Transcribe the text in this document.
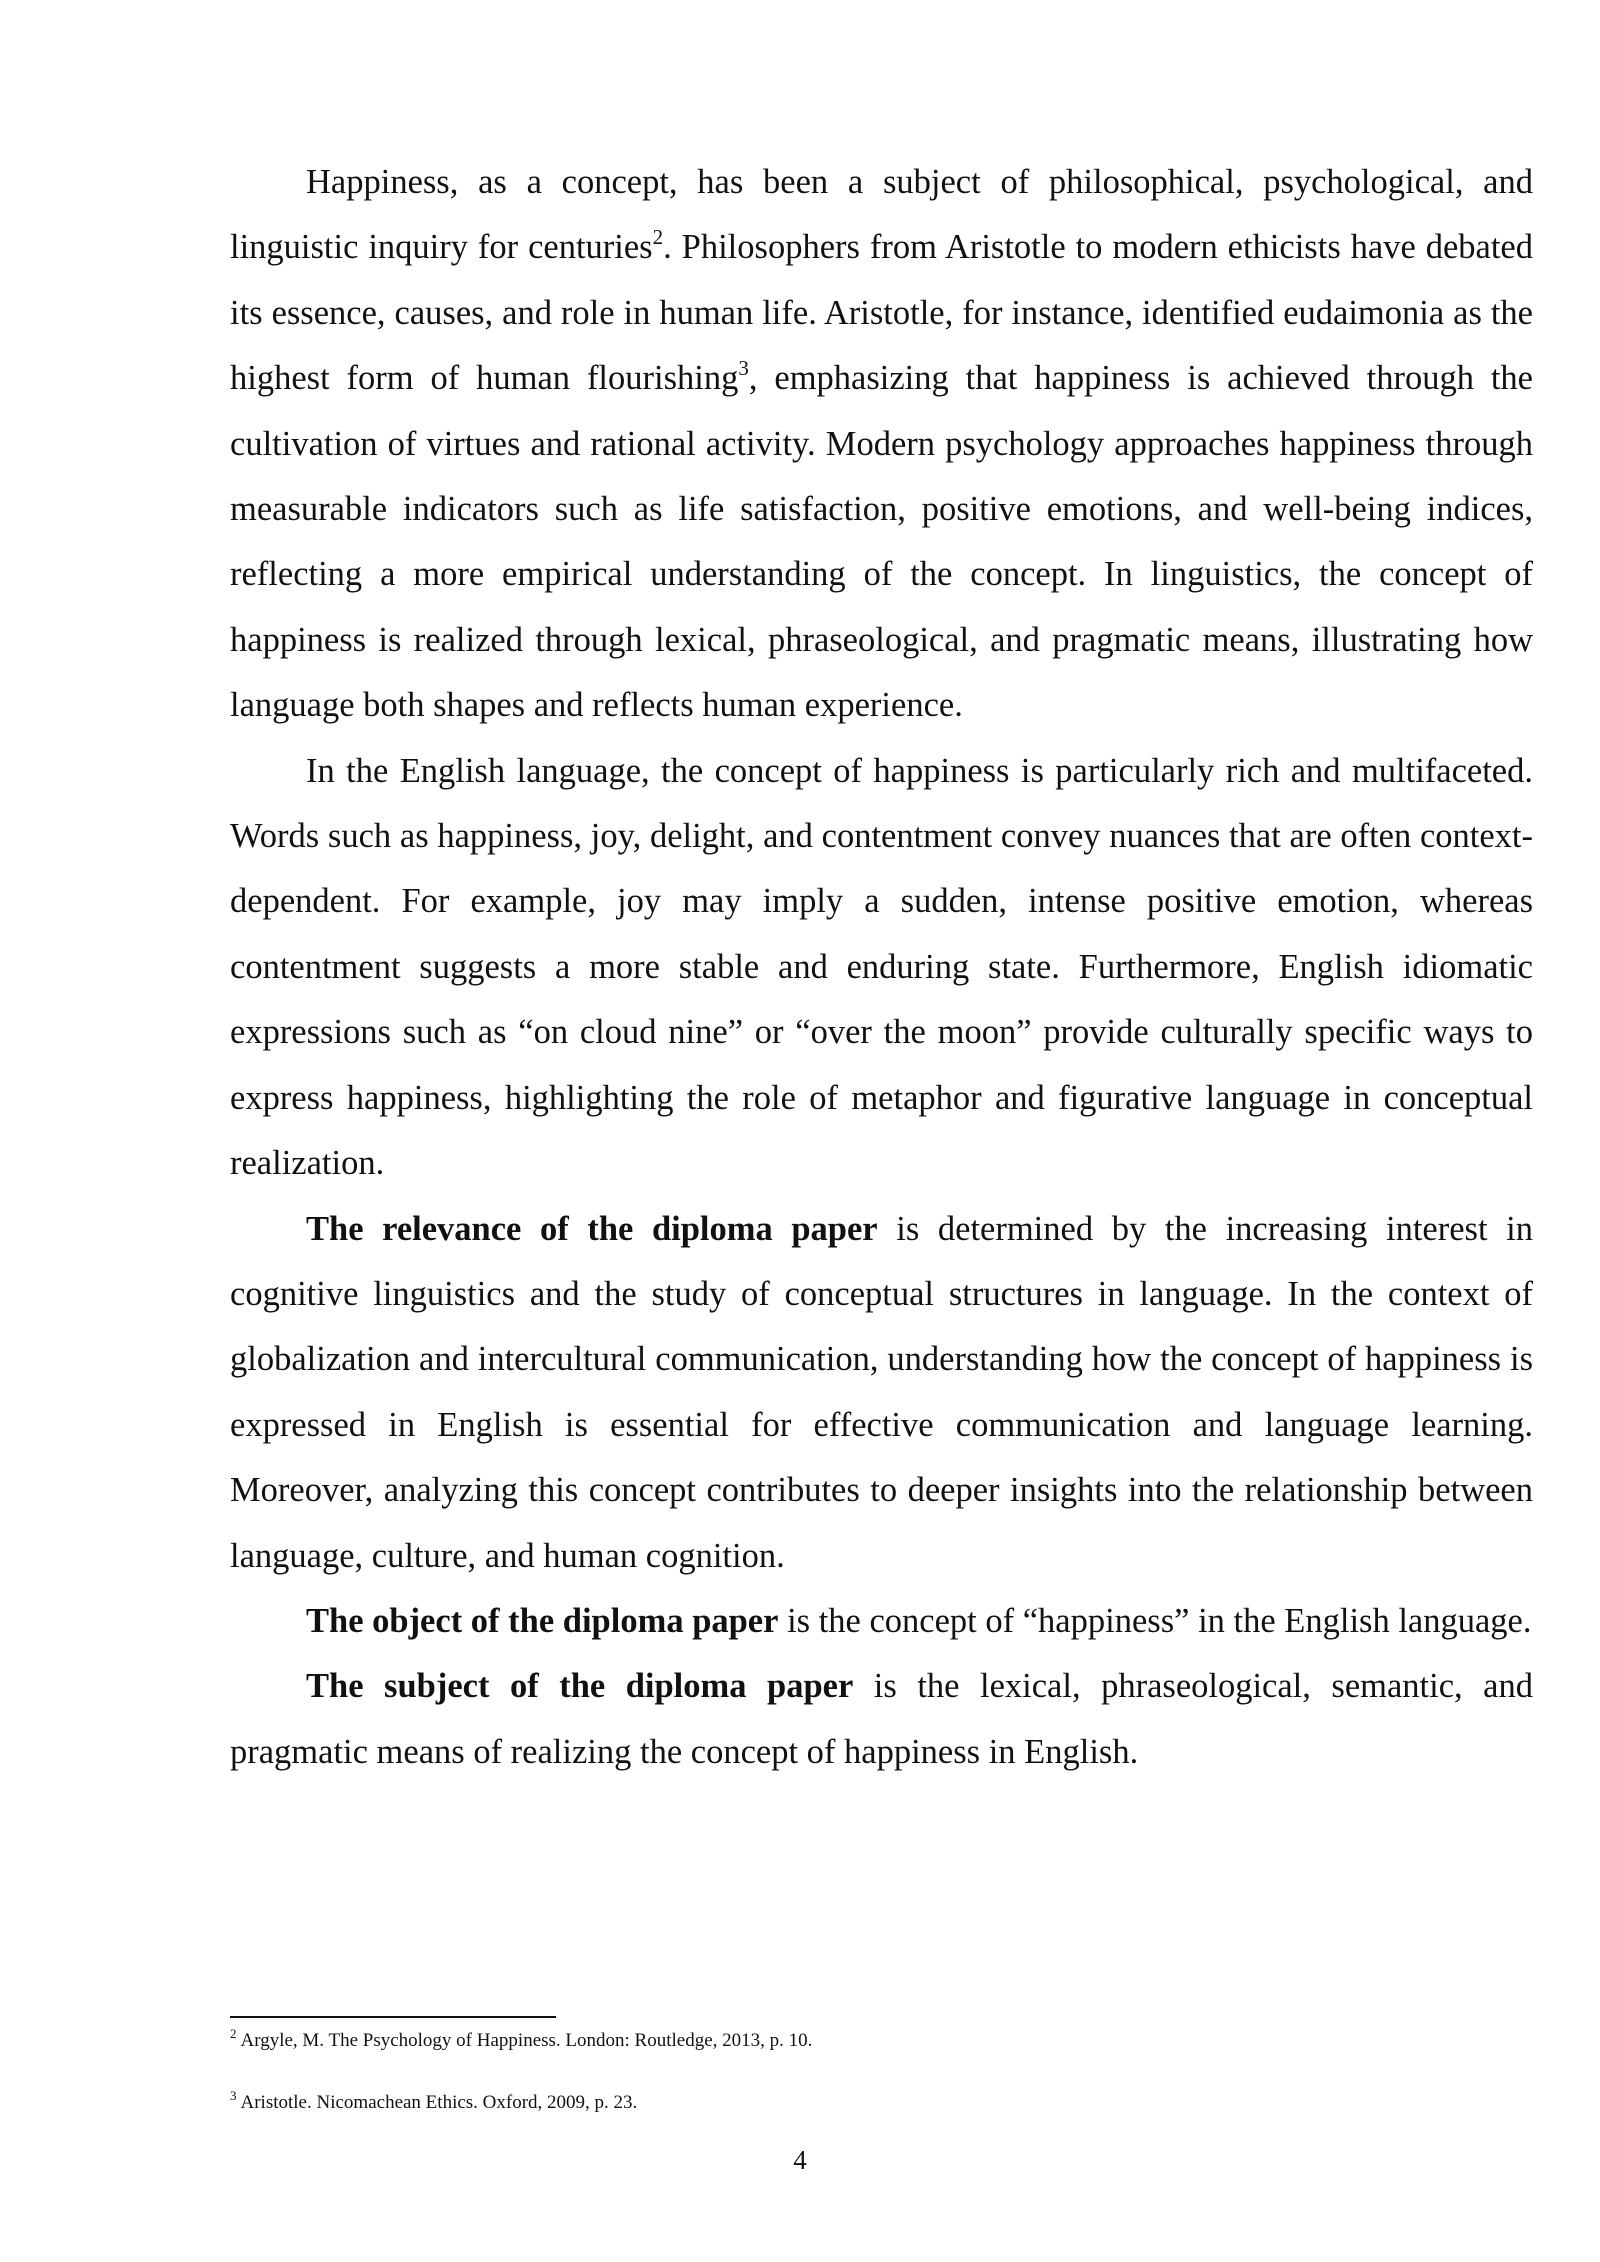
Happiness, as a concept, has been a subject of philosophical, psychological, and linguistic inquiry for centuries$^2$. Philosophers from Aristotle to modern ethicists have debated its essence, causes, and role in human life. Aristotle, for instance, identified eudaimonia as the highest form of human flourishing$^3$, emphasizing that happiness is achieved through the cultivation of virtues and rational activity. Modern psychology approaches happiness through measurable indicators such as life satisfaction, positive emotions, and well-being indices, reflecting a more empirical understanding of the concept. In linguistics, the concept of happiness is realized through lexical, phraseological, and pragmatic means, illustrating how language both shapes and reflects human experience.

In the English language, the concept of happiness is particularly rich and multifaceted. Words such as happiness, joy, delight, and contentment convey nuances that are often context-dependent. For example, joy may imply a sudden, intense positive emotion, whereas contentment suggests a more stable and enduring state. Furthermore, English idiomatic expressions such as “on cloud nine” or “over the moon” provide culturally specific ways to express happiness, highlighting the role of metaphor and figurative language in conceptual realization.

The relevance of the diploma paper is determined by the increasing interest in cognitive linguistics and the study of conceptual structures in language. In the context of globalization and intercultural communication, understanding how the concept of happiness is expressed in English is essential for effective communication and language learning. Moreover, analyzing this concept contributes to deeper insights into the relationship between language, culture, and human cognition.

The object of the diploma paper is the concept of “happiness” in the English language.

The subject of the diploma paper is the lexical, phraseological, semantic, and pragmatic means of realizing the concept of happiness in English.

$^2$ Argyle, M. The Psychology of Happiness. London: Routledge, 2013, p. 10.
$^3$ Aristotle. Nicomachean Ethics. Oxford, 2009, p. 23.
4
